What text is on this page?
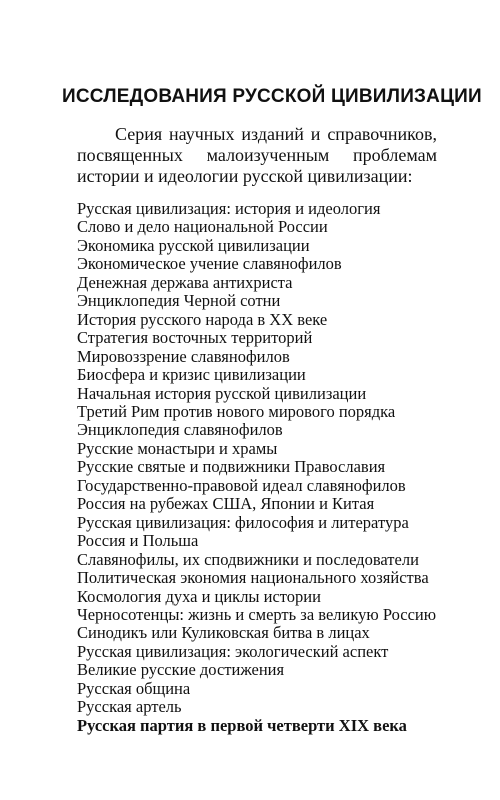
ИССЛЕДОВАНИЯ РУССКОЙ ЦИВИЛИЗАЦИИ
Серия научных изданий и справочников, посвященных малоизученным проблемам истории и идеологии русской цивилизации:
Русская цивилизация: история и идеология
Слово и дело национальной России
Экономика русской цивилизации
Экономическое учение славянофилов
Денежная держава антихриста
Энциклопедия Черной сотни
История русского народа в XX веке
Стратегия восточных территорий
Мировоззрение славянофилов
Биосфера и кризис цивилизации
Начальная история русской цивилизации
Третий Рим против нового мирового порядка
Энциклопедия славянофилов
Русские монастыри и храмы
Русские святые и подвижники Православия
Государственно-правовой идеал славянофилов
Россия на рубежах США, Японии и Китая
Русская цивилизация: философия и литература
Россия и Польша
Славянофилы, их сподвижники и последователи
Политическая экономия национального хозяйства
Космология духа и циклы истории
Черносотенцы: жизнь и смерть за великую Россию
Синодикъ или Куликовская битва в лицах
Русская цивилизация: экологический аспект
Великие русские достижения
Русская община
Русская артель
Русская партия в первой четверти XIX века
